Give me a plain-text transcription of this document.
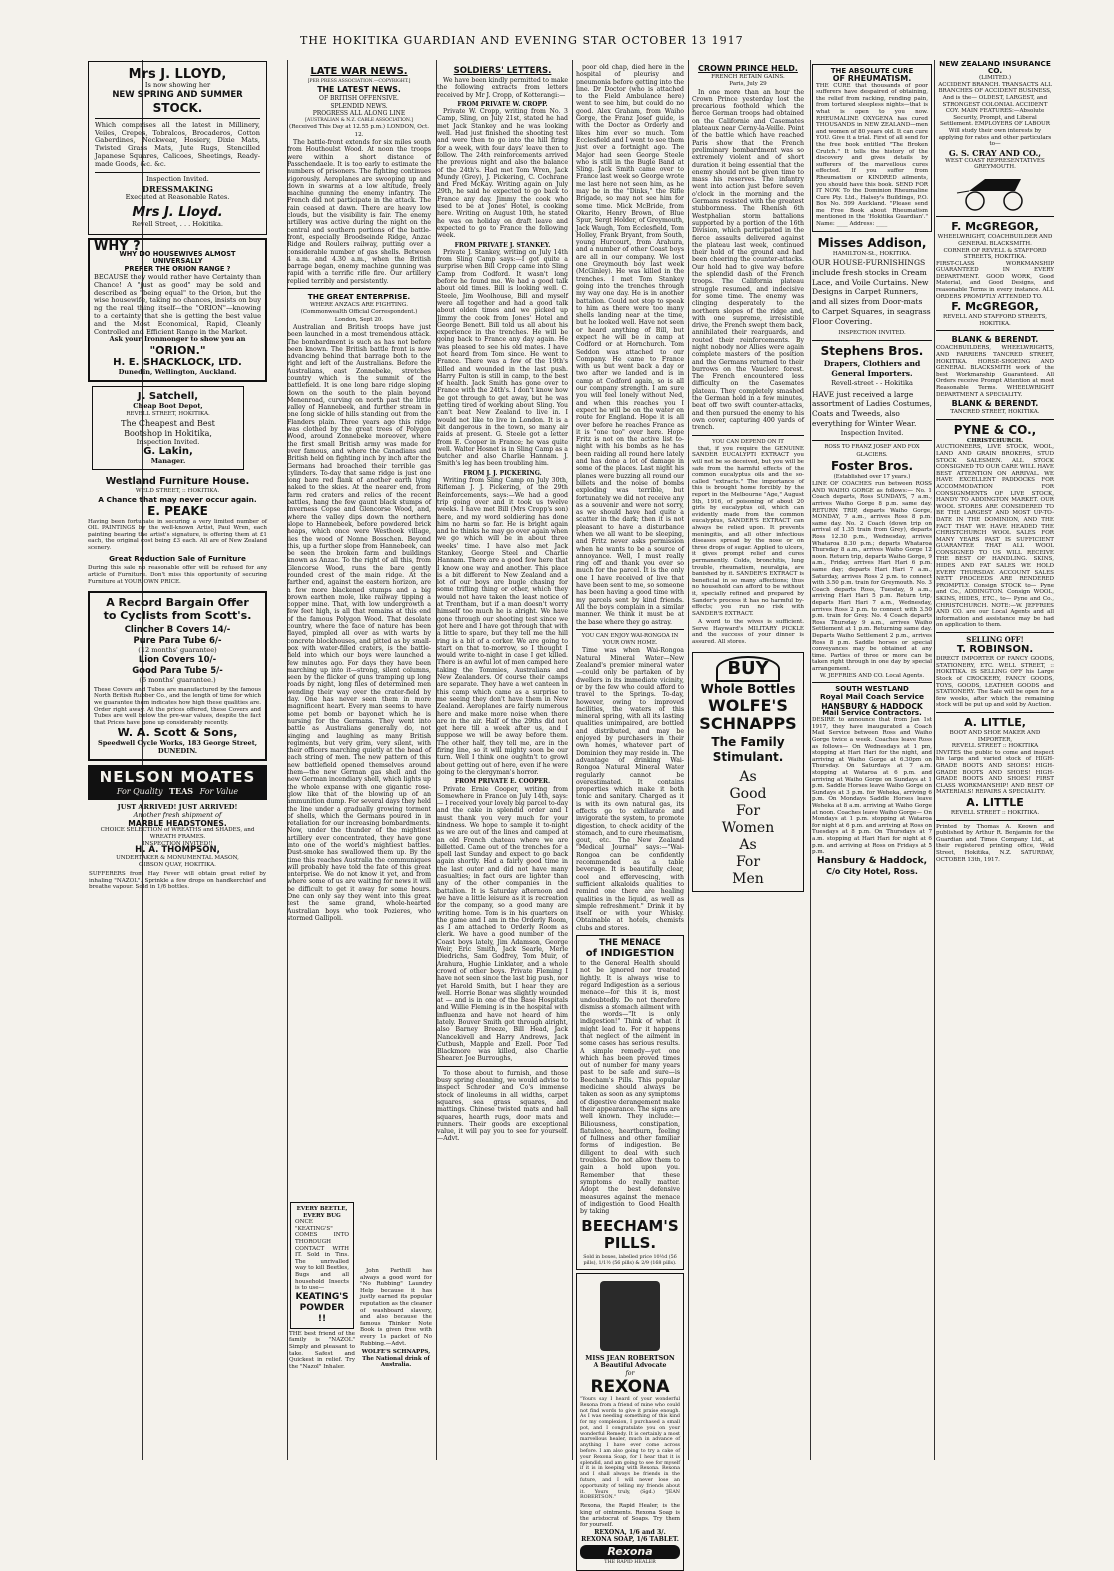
THE HOKITIKA GUARDIAN AND EVENING STAR OCTOBER 13 1917
Mrs J. LLOYD,
Is now showing her
NEW SPRING AND SUMMER
STOCK.
Which comprises all the latest in Millinery, Veiles, Crepes, Tobralcos, Brocaderos, Cotton Gaberdines, Neckwear, Hosiery, Dixie Mats, Twisted Grass Mats, Jute Rugs, Stencilled Japanese Squares, Calicoes, Sheetings, Ready-made Goods, &c. &c.
Inspection Invited.
DRESSMAKING
Executed at Reasonable Rates.
Mrs J. Lloyd.
Revell Street, . . . Hokitika.
WHY ?
WHY DO HOUSEWIVES ALMOST UNIVERSALLY
PREFER THE ORION RANGE ?
BECAUSE they would rather have Certainty than Chance! A "just as good" may be sold and described as "being equal" to the Orion, but the wise housewife, taking no chances, insists on buy ng the real thing itself—the "ORION"—knowing to a certainty that she is getting the best value and the Most Economical, Rapid, Cleanly Controlled and Efficient Range in the Market.
Ask your Ironmonger to show you an
"ORION."
H. E. SHACKLOCK, LTD.
Dunedin, Wellington, Auckland.
J. Satchell,
Cheap Boot Depot,
REVELL STREET, HOKITIKA.
The Cheapest and Best
Bootshop in Hokitika,
Inspection Invited.
G. Lakin,
Manager.
Westland Furniture House.
WELD STREET, :: HOKITIKA.
A Chance that may never occur again.
E. PEAKE
Having been fortunate in securing a very limited number of OIL PAINTINGS by the well-known Artist, Paul Wren, each painting bearing the artist's signature, is offering them at £1 each, the original cost being £3 each. All are of New Zealand scenery.
Great Reduction Sale of Furniture
During this sale no reasonable offer will be refused for any article of Furniture. Don't miss this opportunity of securing Furniture at YOUR OWN PRICE.
A Record Bargain Offer
to Cyclists from Scott's.
Clincher B Covers 14/-
Pure Para Tube 6/-
(12 months' guarantee)
Lion Covers 10/-
Good Para Tube 5/-
(6 months' guarantee.)
These Covers and Tubes are manufactured by the famous North British Rubber Co., and the length of time for which we guarantee them indicates how high these qualities are. Order right away. At the prices offered, these Covers and Tubes are well below the pre-war values, despite the fact that Prices have gone up considerably recently.
W. A. Scott & Sons,
Speedwell Cycle Works, 183 George Street, DUNEDIN.
NELSON MOATES
For Quality TEAS For Value
JUST ARRIVED! JUST ARRIVED!
Another fresh shipment of
MARBLE HEADSTONES.
CHOICE SELECTION of WREATHS and SHADES, and WREATH FRAMES.
INSPECTION INVITED!!
H. A. THOMPSON,
UNDERTAKER & MONUMENTAL MASON,
GIBSON QUAY, HOKITIKA.
SUFFERERS from Hay Fever will obtain great relief by inhaling "NAZOL". Sprinkle a few drops on handkerchief and breathe vapour. Sold in 1/6 bottles.
LATE WAR NEWS.
[PER PRESS ASSOCIATION.—COPYRIGHT.]
THE LATEST NEWS.
OF BRITISH OFFENSIVE.
SPLENDID NEWS.
PROGRESS ALL ALONG LINE
[AUSTRALIAN & N.Z. CABLE ASSOCIATION.]
(Received This Day at 12.55 p.m.) LONDON, Oct. 12.

The battle-front extends for six miles south from Houthoulst Wood. At noon the troops were within a short distance of Passchendaele. It is too early to estimate the numbers of prisoners. The fighting continues vigorously. Aeroplanes are swooping up and down in swarms at a low altitude, freely machine gunning the enemy infantry. The French did not participate in the attack. The rain ceased at dawn. There are heavy low clouds, but the visibility is fair. The enemy artillery was active during the night on the central and southern portions of the battle-front, especially Broodseinde Ridge, Anzac Ridge and Roulers railway, putting over a considerable number of gas shells. Between 4 a.m. and 4.30 a.m., when the British barrage began, enemy machine gunning was rapid with a terrific rifle fire. Our artillery replied terribly and persistently.

THE GREAT ENTERPRISE.
WHERE ANZACS ARE FIGHTING.
(Commonwealth Official Correspondent.)
London, Sept 20.

Australian and British troops have just been launched in a most tremendous attack. The bombardment is such as has not before been known. The British battle front is now advancing behind that barrage both to the right and left of the Australians. Before the Australians, east Zonnebeke, stretches country which is the summit of the battlefield. It is one long bare ridge sloping down on the south to the plain beyond Menenroad, curving on north past the little valley of Hannebeek, and further stream in one long sickle of hills standing out from the Flanders plain. Three years ago this ridge was clothed by the great trees of Polygon Wood, around Zonnebeke moreover, where the first small British army was made for ever famous, and where the Canadians and British held on fighting inch by inch after the Germans had broached their terrible gas cylinders. To-day that same ridge is just one long bare red flank of another earth lying naked to the skies. At the nearer end, from farm red craters and relics of the recent battles, hang the few gaunt black stumps of Inverness Copse and Glencorse Wood, and, where the valley dips down the northern slope to Hannebeek, before powdered brick heaps, which once were Westhoek village, lies the wood of Nonne Bosschen. Beyond this, up a further slope from Hannebeek, can be seen the broken farm and buildings known as Anzac. To the right of all this, from Glencorse Wood, runs the bare gently rounded crest of the main ridge. At the farther end, against the eastern horizon, are a few more blackened stumps and a big brown earthen mole, like railway tipping a copper mine. That, with low undergrowth a few feet high, is all that remains at this end of the famous Polygon Wood. That desolate country, where the face of nature has been flayed, pimpled all over as with warts by concrete blockhouses, and pitted as by small-pox with water-filled craters, is the battle-field into which our boys were launched a few minutes ago. For days they have been marching up into it—strong, silent columns, seen by the flicker of guns tramping up long roads by night, long files of determined men wending their way over the crater-field by day. One has never seen them in more magnificent heart. Every man seems to have some pet bomb or bayonet which he is nursing for the Germans. They went into battle as Australians generally do, not singing and laughing as many British regiments, but very grim, very silent, with their officers marching quietly at the head of each string of men. The new pattern of this new battlefield opened themselves around them—the new German gas shell and the new German incendiary shell, which lights up the whole expanse with one gigantic rose-glow like that of the blowing up of an ammunition dump. For several days they held the line under a gradually growing torment of shells, which the Germans poured in in retaliation for our increasing bombardments. Now, under the thunder of the mightiest artillery ever concentrated, they have gone into one of the world's mightiest battles. Dust-smoke has swallowed them up. By the time this reaches Australia the communiques will probably have told the fate of this great enterprise. We do not know it yet, and from where some of us are waiting for news it will be difficult to get it away for some hours. One can only say they went into this great test the same grand, whole-hearted Australian boys who took Pozieres, who stormed Gallipoli.

EVERY BEETLE, EVERY BUG
ONCE "KEATING'S" COMES INTO THOROUGH CONTACT WITH IT. Sold in Tins. The unrivalled way to kill Beetles, Bugs and all household Insects is to use—
KEATING'S POWDER !!
THE best friend of the family is "NAZOL" Simply and pleasant to take. Safest and Quickest in relief. Try the "Nazol" Inhaler.

John Parthill has always a good word for "No Rubbing" Laundry Help because it has justly earned its popular reputation as the cleaner of washboard slavery, and also because the famous Thinker Note Book is given free with every 1s packet of No Rubbing.—Advt.

WOLFE'S SCHNAPPS, The National drink of Australia.
SOLDIERS' LETTERS.

We have been kindly permitted to make the following extracts from letters received by Mr J. Cropp, of Kotterangi:—

FROM PRIVATE W. CROPP.

Private W. Cropp, writing from No. 3 Camp, Sling, on July 21st, stated he had met Jack Stankey and he was looking well. Had just finished the shooting test and were then to go into the hill firing for a week, with four days' leave then to follow. The 24th reinforcements arrived the previous night and also the balance of the 24th's. Had met Tom Wren, Jack Mundy (Grey), J. Pickering, C. Cochrane and Fred McKay. Writing again on July 29th, he said he expected to go back to France any day. Jimmy the cook who used to be at Jones' Hotel, is cooking here. Writing on August 10th, he stated he was on holiday on draft leave and expected to go to France the following week.

FROM PRIVATE J. STANKEY.

Private J. Stankey, writing on July 14th from Sling Camp says:—I got quite a surprise when Bill Cropp came into Sling Camp from Codford. It wasn't long before he found me. We had a good talk about old times. Bill is looking well. C. Steele, Jim Woolhouse, Bill and myself were all together and had a good talk about olden times and we picked up Jimmy the cook from Jones' Hotel and George Benett. Bill told us all about his experience in the trenches. He will be going back to France any day again. He was pleased to see his old mates. I have not heard from Tom since. He went to France. There was a few of the 19th's killed and wounded in the last push. Harry Fulton is still in camp, to the best of health. Jack Smith has gone over to France with the 24th's. I don't know how he got through to get away, but he was getting tired of working about Sling. You can't beat New Zealand to live in. I would not like to live in London. It is a bit dangerous in the town, so many air raids at present. G. Steele got a letter from E. Cooper in France; he was quite well. Walter Hosnet is in Sling Camp as a butcher and also Charlie Hannam. J. Smith's leg has been troubling him.

FROM J. J. PICKERING.

Writing from Sling Camp on July 30th, Rifleman J. J. Pickering, of the 29th Reinforcements, says:—We had a good trip going over and it took us twelve weeks. I have met Bill (Mrs Cropp's son) here, and my word soldiering has done him no harm so far. He is bright again and he thinks he may go over again when we go which will be in about three weeks' time. I have also met Jack Stankey, George Steel and Charlie Hannam. There are a good few here that I know one way and another. This place is a bit different to New Zealand and a lot of our boys are bugle chasing for some trifling thing or other, which they would not have taken the least notice of at Trentham, but if a man doesn't worry himself too much he is alright. We have gone through our shooting test since we got here and I have got through that with a little to spare, but they tell me the hill ring is a bit of a corker. We are going to start on that to-morrow, so I thought I would write to-night in case I get killed. There is an awful lot of men camped here taking the Tommies, Australians and New Zealanders. Of course their camps are separate. They have a wet canteen in this camp which came as a surprise to me seeing they don't have them in New Zealand. Aeroplanes are fairly numerous here and make more noise when there are in the air. Half of the 29ths did not get here till a week after us, and I suppose we will be away before them. The other half, they tell me, are in the firing line, so it will mighty soon be our turn. Well I think one oughtn't to growl about getting out of here, even if he were going to the clergyman's horror.

FROM PRIVATE E. COOPER.

Private Ernie Cooper, writing from Somewhere in France on July 14th, says:— I received your lovely big parcel to-day and the cake in splendid order and I must thank you very much for your kindness. We hope to sample it to-night as we are out of the lines and camped at an old French chateau where we are billetted. Came out of the trenches for a spell last Sunday and expect to go back again shortly. Had a fairly good time in the last outer and did not have many casualties; in fact ours are lighter than any of the other companies in the battalion. It is Saturday afternoon and we have a little leisure as it is recreation for the company, so a good many are writing home. Tom is in his quarters on the game and I am in the Orderly Room, as I am attached to Orderly Room as clerk. We have a good number of the Coast boys lately, Jim Adamson, George Weir, Eric Smith, Jack Searle, Merle Diedrichs, Sam Godfrey, Tom Muir, of Arahura, Hughie Linklater, and a whole crowd of other boys. Private Fleming I have not seen since the last big push, nor yet Harold Smith, but I hear they are well. Horrie Bonar was slightly wounded at — and is in one of the Base Hospitals and Willie Fleming is in the hospital with influenza and have not heard of him lately. Bouver Smith got through alright, also Barney Breeze, Bill Head, Jack Nancekivell and Harry Andrews, Jack Cutbush, Mapple and Ezell. Poor Ted Blackmore was killed, also Charlie Shearer. Joe Burroughs,

To those about to furnish, and those busy spring cleaning, we would advise to inspect Schroder and Co's immense stock of linoleums in all widths, carpet squares, sea grass squares, and mattings. Chinese twisted mats and hall squares, hearth rugs, door mats and runners. Their goods are exceptional value, it will pay you to see for yourself.—Advt.

poor old chap, died here in the hospital of pleurisy and pneumonia before getting into the line. Dr Doctor (who is attached to the Field Ambulance here) went to see him, but could do no good. Alex Graham, from Waiho Gorge, the Franz Josef guide, is with the Doctor as Orderly and likes him ever so much. Tom Ecclesfield and I went to see them just over a fortnight ago. The Major had seen George Steele who is still in the Bugle Band at Sling. Jack Smith came over to France last week so George wrote me last here not seen him, as he may be in the "Dinks," the Rifle Brigade, so may not see him for some time. Mick McBride, from Okarito, Henry Brown, of Blue Spur, Sergt Holder, of Greymouth, Jack Waugh, Tom Ecclesfield, Tom Holley, Frank Bryant, from South, young Hurcourt, from Arahura, and a number of other Coast boys are all in our company. We lost one Greymouth boy last week (McGinley). He was killed in the trenches. I met Tom Stankey going into the trenches through my way one day. He is in another battalion. Could not stop to speak to him as there were too many shells landing near at the time, but he looked well. Have not seen or heard anything of Bill, but expect he will be in camp at Codford or at Hornchurch. Tom Seddon was attached to our Company. He came to France with us but went back a day or two after we landed and is in camp at Codford again, so is all our company strength. I am sure you will feel lonely without Ned, and when this reaches you I expect he will be on the water en route for England. Hope it is all over before he reaches France as it is "one too" over here. Hope Fritz is not on the active list to-night with his bombs as he has been raiding all round here lately and has done a lot of damage in some of the places. Last night his planes were buzzing all round our billets and the noise of bombs exploding was terrible, but fortunately we did not receive any as a souvenir and were not sorry, as we should have had quite a scatter in the dark; then it is not pleasant to have a disturbance when we all want to be sleeping, and Fritz never asks permission when he wants to be a source of annoyance. Well, I must really ring off and thank you ever so much for the parcel. It is the only one I have received of live that have been sent to me, so someone has been having a good time with my parcels sent by kind friends. All the boys complain in a similar manner. We think it must be at the base where they go astray.

YOU CAN ENJOY WAI-RONGOA IN YOUR OWN HOME.

Time was when Wai-Rongoa Natural Mineral Water—New Zealand's premier mineral water—could only be partaken of by dwellers in its immediate vicinity, or by the few who could afford to travel to the Springs. To-day, however, owing to improved facilities, the waters of this mineral spring, with all its lasting qualities unimpaired, are bottled and distributed, and may be enjoyed by purchasers in their own homes, whatever part of Dominion they may reside in. The advantage of drinking Wai-Rongoa Natural Mineral Water regularly cannot be overestimated. It contains properties which make it both tonic and sanitary. Charged as it is with its own natural gas, its effects go to exhilarate and invigorate the system, to promote digestion, to check acidity of the stomach, and to cure rheumatism, gout, etc. The New Zealand "Medical Journal" says:—"Wai-Rongoa can be confidently recommended as a table beverage. It is beautifully clear, cool and effervescing, with sufficient alkaloids qualities to remind one there are healing qualities in the liquid, as well as simple refreshment." Drink it by itself or with your Whisky. Obtainable at hotels, chemists clubs and stores.

THE MENACE
of INDIGESTION
to the General Health should not be ignored nor treated lightly. It is always wise to regard Indigestion as a serious menace—for this it is, most undoubtedly. Do not therefore dismiss a stomach ailment with the words—"It is only indigestion!" Think of what it might lead to. For it happens that neglect of the ailment in some cases has serious results. A simple remedy—yet one which has been proved times out of number for many years past to be safe and sure—is Beecham's Pills. This popular medicine should always be taken as soon as any symptoms of digestive derangement make their appearance. The signs are well known. They include:—Biliousness, constipation, flatulence, heartburn, feeling of fullness and other familiar forms of indigestion. Be diligent to deal with such troubles. Do not allow them to gain a hold upon you. Remember that these symptoms do really matter. Adopt the best defensive measures against the menace of indigestion to Good Health by taking
BEECHAM'S PILLS.
Sold in boxes, labelled price 10½d (56 pills), 1/1½ (56 pills) & 2/9 (168 pills).
MISS JEAN ROBERTSON
A Beautiful Advocate
for
REXONA
"Yours say I heard of your wonderful Rexona from a friend of mine who could not find words to give it praise enough. As I was needing something of this kind for my complexion, I purchased a small pot, and I congratulate you on your wonderful Remedy. It is certainly a most marvellous healer, much in advance of anything I have ever come across before. I am also going to try a cake of your Rexona Soap, for I hear that it is splendid, and am going to see for myself if it is in keeping with Rexona. Rexona and I shall always be friends in the future, and I will never lose an opportunity of telling my friends about it. Yours truly, (Sgd.) "JEAN ROBERTSON."
Rexona, the Rapid Healer, is the king of ointments. Rexona Soap is the aristocrat of Soaps. Try them for yourself.
REXONA, 1/6 and 3/.
REXONA SOAP, 1/6 TABLET.
Rexona
THE RAPID HEALER
CROWN PRINCE HELD.
FRENCH RETAIN GAINS.
Paris, July 29

In one more than an hour the Crown Prince yesterday lost the precarious foothold which the fierce German troops had obtained on the Californie and Casemates plateaux near Cerny-la-Veille. Point of the battle which have reached Paris show that the French preliminary bombardment was so extremely violent and of short duration it being essential that the enemy should not be given time to mass his reserves. The infantry went into action just before seven o'clock in the morning and the Germans resisted with the greatest stubbornness. The Rhenish 6th Westphalian storm battalions supported by a portion of the 16th Division, which participated in the fierce assaults delivered against the plateau last week, continued their hold of the ground and had been cheering the counter-attacks. Our hold had to give way before the splendid dash of the French troops. The California plateau struggle resumed, and indecisive for some time. The enemy was clinging desperately to the northern slopes of the ridge and, with one supreme, irresistible drive, the French swept them back, annihilated their rearguards, and routed their reinforcements. By night nobody nor Allies were again complete masters of the position and the Germans returned to their burrows on the Vauclerc forest. The French encountered less difficulty on the Casemates plateau. They completely smashed the German hold in a few minutes, beat off two swift counter-attacks, and then pursued the enemy to his own cover, capturing 400 yards of trench.

YOU CAN DEPEND ON IT

that, if you require the GENUINE SANDER EUCALYPTI EXTRACT you will not be so deceived, but you will be safe from the harmful effects of the common eucalyptus oils and the so-called "extracts." The importance of this is brought home forcibly by the report in the Melbourne "Age," August 5th, 1916, of poisoning of about 20 girls by eucalyptus oil, which can evidently made from the common eucalyptus, SANDER'S EXTRACT can always be relied upon. It prevents meningitis, and all other infectious diseases spread by the nose or on three drops of sugar. Applied to ulcers, it gives prompt relief and cures permanently. Colds, bronchitis, lung trouble, rheumatism, neuralgia, are banished by it. SANDER'S EXTRACT is beneficial in so many affections; thus no household can afford to be without it, specially refined and prepared by Sander's process it has no harmful by-effects; you run no risk with SANDER'S EXTRACT.

A word to the wives is sufficient. Serve Hayward's MILITARY PICKLE and the success of your dinner is assured. All stores.

BUY
Whole Bottles
WOLFE'S SCHNAPPS
The Family Stimulant.
As
Good
For
Women
As
For
Men
THE ABSOLUTE CURE
OF RHEUMATISM.
THE CURE that thousands of poor sufferers have despaired of obtaining, the relief from racking, rending pain, from tortured sleepless nights—that is what is open to you now. RHEUMALINE OXYGENA has cured THOUSANDS in NEW ZEALAND—men and women of 80 years old. It can cure YOU. Give it a trial. First of all send for the free book entitled "The Broken Crutch." It tells the history of the discovery and gives details by sufferers of the marvellous cures effected. If you suffer from Rheumatism or KINDRED ailments, you should have this book. SEND FOR IT NOW. To the Dominion Rheumaline Cure Pty. Ltd., Halsey's Buildings, P.O. Box No. 599 Auckland. "Please send me Free Book about Rheumatism mentioned in the 'Hokitika Guardian'." Name: ____ Address: ____
Misses Addison,
HAMILTON-St., HOKITIKA.
OUR HOUSE-FURNISHINGS include fresh stocks in Cream Lace, and Voile Curtains. New Designs in Carpet Runners, and all sizes from Door-mats to Carpet Squares, in seagrass Floor Covering.
INSPECTION INVITED.
Stephens Bros.
Drapers, Clothiers and General Importers.
Revell-street - - Hokitika
HAVE just received a large assortment of Ladies Costumes, Coats and Tweeds, also everything for Winter Wear.
Inspection Invited.
ROSS TO FRANZ JOSEF AND FOX GLACIERS.
Foster Bros.
(Established over 17 years.)
LINE OF COACHES run between ROSS AND WAIHO GORGE as follows:— No. 1 Coach departs, Ross SUNDAYS, 7 a.m., arrives Waiho Gorge 8 p.m. same day. RETURN TRIP, departs Waiho Gorge, MONDAY, 7 a.m., arrives Ross 8 p.m. same day. No. 2 Coach (down trip on arrival of 1.35 train from Grey), departs Ross 12.30 p.m., Wednesday, arrives Whataroa 8.30 p.m.; departs Whataroa Thursday 8 a.m., arrives Waiho Gorge 12 noon. Return trip, departs Waiho Gorge, 9 a.m., Friday, arrives Hari Hari 6 p.m. same day; departs Hari Hari 7 a.m., Saturday, arrives Ross 2 p.m. to connect with 3.50 p.m. train for Greymouth. No. 3 Coach departs Ross, Tuesday, 9 a.m., arriving Hari Hari 5 p.m. Return trip, departs Hari Hari 7 a.m., Wednesday, arrives Ross 2 p.m. to connect with 3.50 p.m. train for Grey. No. 4 Coach departs Ross Thursday 9 a.m., arrives Waiho Settlement at 1 p.m. Returning same day. Departs Waiho Settlement 2 p.m., arrives Ross 8 p.m. Saddle horses or special conveyances may be obtained at any time. Parties of three or more can be taken right through in one day by special arrangement.
W. JEFFRIES AND CO. Local Agents.
SOUTH WESTLAND
Royal Mail Coach Service
HANSBURY & HADDOCK
Mail Service Contractors.
DESIRE to announce that from Jan 1st 1917, they have inaugurated a Coach Mail Service between Ross and Waiho Gorge twice a week. Coaches leave Ross as follows— On Wednesdays at 1 pm, stopping at Hari Hari for the night, and arriving at Waiho Gorge at 6.30pm on Thursday. On Saturdays at 7 a.m. stopping at Wataroa at 6 p.m. and arriving at Waiho Gorge on Sundays at 1 p.m. Saddle Horses leave Waiho Gorge on Sundays at 3 p.m. for Weheka, arriving 6 p.m. On Mondays Saddle Horses leave Weheka at 8 a.m. arriving at Waiho Gorge at noon. Coaches leave Waiho Gorge— On Mondays at 1 p.m. stopping at Wataroa for night at 6 p.m. and arriving at Ross on Tuesdays at 8 p.m. On Thursdays at 7 a.m. stopping at Hari Hari for night at 6 p.m. and arriving at Ross on Fridays at 5 p.m.
Hansbury & Haddock,
C/o City Hotel, Ross.
NEW ZEALAND INSURANCE CO.
(LIMITED.)
ACCIDENT BRANCH. TRANSACTS ALL BRANCHES OF ACCIDENT BUSINESS, And is the— OLDEST, LARGEST, and STRONGEST COLONIAL ACCIDENT COY. MAIN FEATURES:—Absolute Security, Prompt, and Liberal Settlement. EMPLOYERS OF LABOUR Will study their own interests by applying for rates and other particulars to—
G. S. CRAY AND CO.,
WEST COAST REPRESENTATIVES
GREYMOUTH.
F. McGREGOR,
WHEELWRIGHT, COACHBUILDER AND GENERAL BLACKSMITH.
CORNER OF REVELL & STAFFORD STREETS, HOKITIKA.
FIRST-CLASS WORKMANSHIP GUARANTEED IN EVERY DEPARTMENT. GOOD WORK, Good Material, and Good Designs, and reasonable Terms in every instance. ALL ORDERS PROMPTLY ATTENDED TO.
F. McGREGOR,
REVELL AND STAFFORD STREETS, HOKITIKA.
BLANK & BERENDT.
COACHBUILDERS, WHEELWRIGHTS, AND FARRIERS TANCRED STREET, HOKITIKA. HORSE-SHOEING AND GENERAL BLACKSMITH work of the best Workmanship Guaranteed. All Orders receive Prompt Attention at most Reasonable Terms. WHEELWRIGHT DEPARTMENT A SPECIALITY.
BLANK & BERENDT.
TANCRED STREET, HOKITIKA.
PYNE & CO.,
CHRISTCHURCH.
AUCTIONEERS, LIVE STOCK, WOOL, LAND AND GRAIN BROKERS, STUD STOCK SALESMEN. ALL STOCK CONSIGNED TO OUR CARE WILL HAVE BEST ATTENTION ON ARRIVAL. WE HAVE EXCELLENT PADDOCKS FOR ACCOMMODATION FOR CONSIGNMENTS OF LIVE STOCK, HANDY TO ADDINGTON MARKET. OUR WOOL STORES ARE CONSIDERED TO BE THE LARGEST AND MOST UP-TO-DATE IN THE DOMINION, AND THE FACT THAT WE HAVE HEADED THE CHRISTCHURCH WOOL SALES FOR MANY YEARS PAST IS SUFFICIENT GUARANTEE THAT ALL WOOL CONSIGNED TO US WILL RECEIVE THE BEST OF HANDLING. SKINS, HIDES AND FAT SALES WE HOLD EVERY THURSDAY. ACCOUNT SALES NETT PROCEEDS ARE RENDERED PROMPTLY. Consign STOCK to— Pyne and Co., ADDINGTON. Consign WOOL, SKINS, HIDES, ETC., to— Pyne and Co., CHRISTCHURCH. NOTE:—W. JEFFRIES AND CO. are our Local Agents and all information and assistance may be had on application to them.
SELLING OFF!
T. ROBINSON.
DIRECT IMPORTER OF FANCY GOODS, STATIONERY, ETC. WELL STREET, :: HOKITIKA. IS SELLING OFF his Large Stock of CROCKERY, FANCY GOODS, TOYS, GOODS, LEATHER GOODS and STATIONERY. The Sale will be open for a few weeks, after which the remaining stock will be put up and sold by Auction.
A. LITTLE,
BOOT AND SHOE MAKER AND IMPORTER,
REVELL STREET :: HOKITIKA
INVITES the public to come and inspect his large and varied stock of HIGH-GRADE BOOTS AND SHOES! HIGH-GRADE BOOTS AND SHOES! HIGH-GRADE BOOTS AND SHOES! FIRST CLASS WORKMANSHIP! AND BEST OF MATERIALS! REPAIRS A SPECIALITY.
A. LITTLE
REVELL STREET :: HOKITIKA.
Printed by Thomas A. Keown and published by Arthur R. Benjamin for the Guardian and Times Company Ltd., at their registered printing office, Weld Street, Hokitika, N.Z. SATURDAY, OCTOBER 13th, 1917.
